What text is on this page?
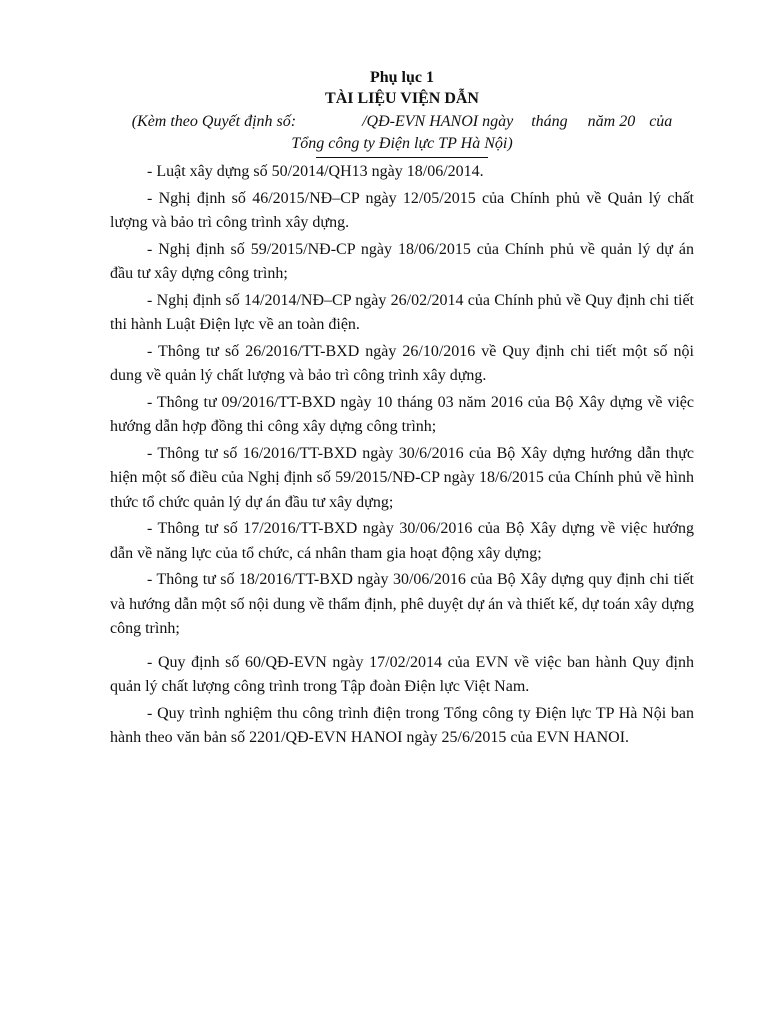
Phụ lục 1

TÀI LIỆU VIỆN DẪN

(Kèm theo Quyết định số:	/QĐ-EVN HANOI ngày tháng năm 20 của
Tổng công ty Điện lực TP Hà Nội)

- Luật xây dựng số 50/2014/QH13 ngày 18/06/2014.
- Nghị định số 46/2015/NĐ–CP ngày 12/05/2015 của Chính phủ về Quản lý chất lượng và bảo trì công trình xây dựng.
- Nghị định số 59/2015/NĐ-CP ngày 18/06/2015 của Chính phủ về quản lý dự án đầu tư xây dựng công trình;
- Nghị định số 14/2014/NĐ–CP ngày 26/02/2014 của Chính phủ về Quy định chi tiết thi hành Luật Điện lực về an toàn điện.
- Thông tư số 26/2016/TT-BXD ngày 26/10/2016 về Quy định chi tiết một số nội dung về quản lý chất lượng và bảo trì công trình xây dựng.
- Thông tư 09/2016/TT-BXD ngày 10 tháng 03 năm 2016 của Bộ Xây dựng về việc hướng dẫn hợp đồng thi công xây dựng công trình;
- Thông tư số 16/2016/TT-BXD ngày 30/6/2016 của Bộ Xây dựng hướng dẫn thực hiện một số điều của Nghị định số 59/2015/NĐ-CP ngày 18/6/2015 của Chính phủ về hình thức tổ chức quản lý dự án đầu tư xây dựng;
- Thông tư số 17/2016/TT-BXD ngày 30/06/2016 của Bộ Xây dựng về việc hướng dẫn về năng lực của tổ chức, cá nhân tham gia hoạt động xây dựng;
- Thông tư số 18/2016/TT-BXD ngày 30/06/2016 của Bộ Xây dựng quy định chi tiết và hướng dẫn một số nội dung về thẩm định, phê duyệt dự án và thiết kế, dự toán xây dựng công trình;
- Quy định số 60/QĐ-EVN ngày 17/02/2014 của EVN về việc ban hành Quy định quản lý chất lượng công trình trong Tập đoàn Điện lực Việt Nam.
- Quy trình nghiệm thu công trình điện trong Tổng công ty Điện lực TP Hà Nội ban hành theo văn bản số 2201/QĐ-EVN HANOI ngày 25/6/2015 của EVN HANOI.
